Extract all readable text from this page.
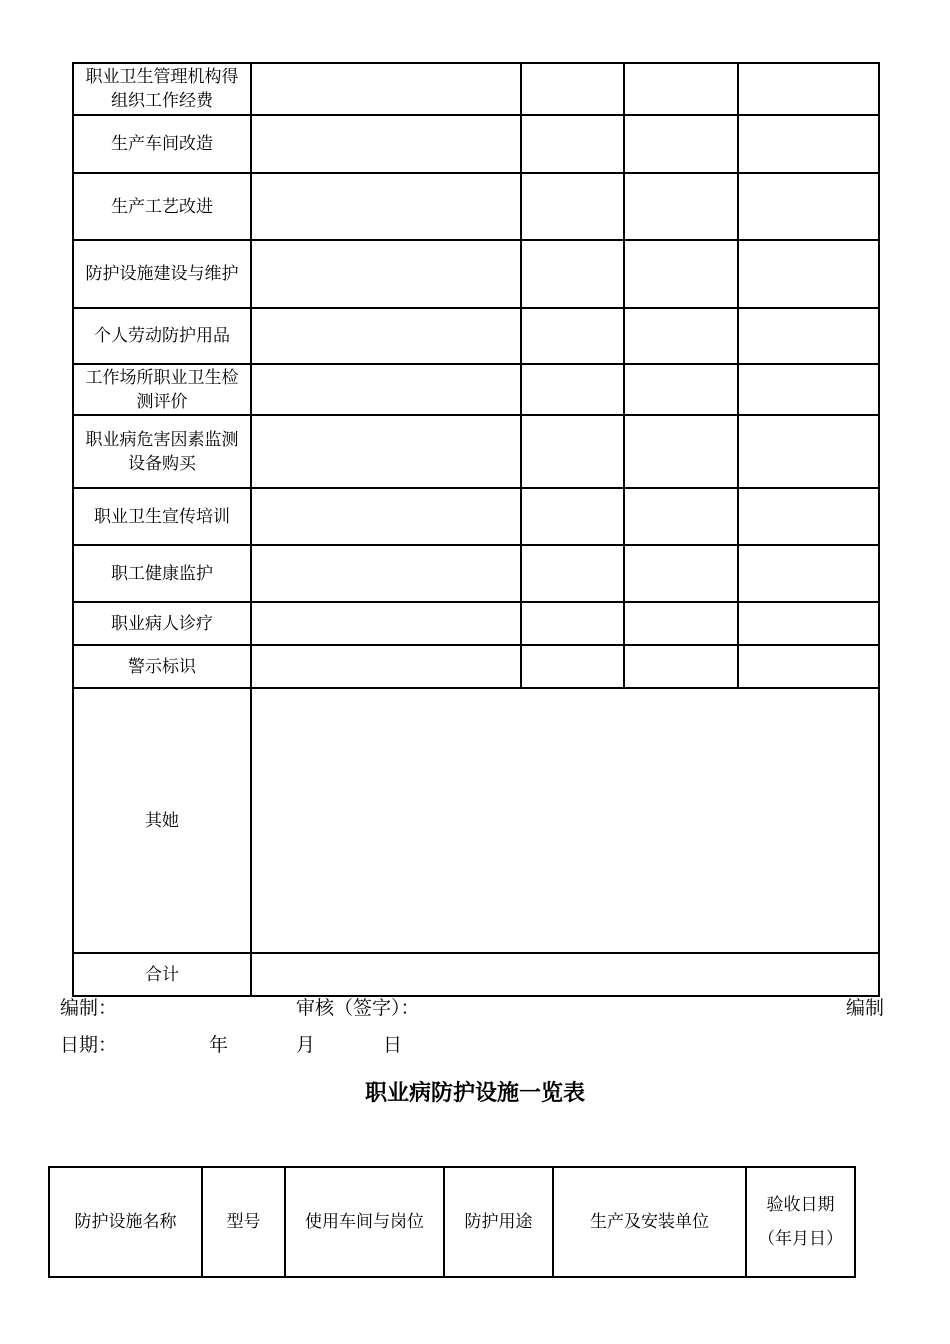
职业卫生管理机构得组织工作经费				
生产车间改造				
生产工艺改进				
防护设施建设与维护				
个人劳动防护用品				
工作场所职业卫生检测评价				
职业病危害因素监测设备购买				
职业卫生宣传培训				
职工健康监护				
职业病人诊疗				
警示标识				
其她				
合计				
编制：	审核（签字）：	编制
日期：	年	月	日
职业病防护设施一览表
防护设施名称	型号	使用车间与岗位	防护用途	生产及安装单位	验收日期（年月日）
